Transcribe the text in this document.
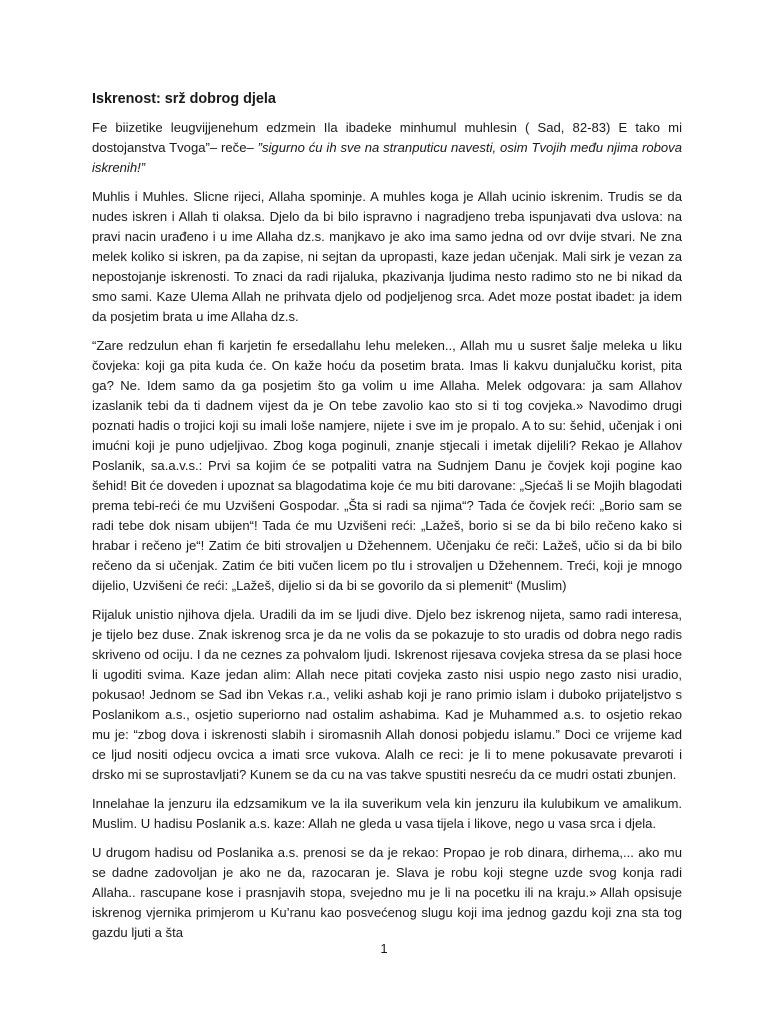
Iskrenost: srž dobrog djela

Fe biizetike leugvijjenehum edzmein Ila ibadeke minhumul muhlesin ( Sad, 82-83) E tako mi dostojanstva Tvoga”– reče– ”sigurno ću ih sve na stranputicu navesti, osim Tvojih među njima robova iskrenih!”

Muhlis i Muhles. Slicne rijeci, Allaha spominje. A muhles koga je Allah ucinio iskrenim. Trudis se da nudes iskren i Allah ti olaksa. Djelo da bi bilo ispravno i nagradjeno treba ispunjavati dva uslova: na pravi nacin urađeno i u ime Allaha dz.s. manjkavo je ako ima samo jedna od ovr dvije stvari. Ne zna melek koliko si iskren, pa da zapise, ni sejtan da upropasti, kaze jedan učenjak. Mali sirk je vezan za nepostojanje iskrenosti. To znaci da radi rijaluka, pkazivanja ljudima nesto radimo sto ne bi nikad da smo sami. Kaze Ulema Allah ne prihvata djelo od podjeljenog srca. Adet moze postat ibadet: ja idem da posjetim brata u ime Allaha dz.s.

“Zare redzulun ehan fi karjetin fe ersedallahu lehu meleken.., Allah mu u susret šalje meleka u liku čovjeka: koji ga pita kuda će. On kaže hoću da posetim brata. Imas li kakvu dunjalučku korist, pita ga? Ne. Idem samo da ga posjetim što ga volim u ime Allaha. Melek odgovara: ja sam Allahov izaslanik tebi da ti dadnem vijest da je On tebe zavolio kao sto si ti tog covjeka.» Navodimo drugi poznati hadis o trojici koji su imali loše namjere, nijete i sve im je propalo. A to su: šehid, učenjak i oni imućni koji je puno udjeljivao. Zbog koga poginuli, znanje stjecali i imetak dijelili? Rekao je Allahov Poslanik, sa.a.v.s.: Prvi sa kojim će se potpaliti vatra na Sudnjem Danu je čovjek koji pogine kao šehid! Bit će doveden i upoznat sa blagodatima koje će mu biti darovane: „Sjećaš li se Mojih blagodati prema tebi-reći će mu Uzvišeni Gospodar. „Šta si radi sa njima“? Tada će čovjek reći: „Borio sam se radi tebe dok nisam ubijen“! Tada će mu Uzvišeni reći: „Lažeš, borio si se da bi bilo rečeno kako si hrabar i rečeno je“! Zatim će biti strovaljen u Džehennem. Učenjaku će reči: Lažeš, učio si da bi bilo rečeno da si učenjak. Zatim će biti vučen licem po tlu i strovaljen u Džehennem. Treći, koji je mnogo dijelio, Uzvišeni će reći: „Lažeš, dijelio si da bi se govorilo da si plemenit“ (Muslim)

Rijaluk unistio njihova djela. Uradili da im se ljudi dive. Djelo bez iskrenog nijeta, samo radi interesa, je tijelo bez duse. Znak iskrenog srca je da ne volis da se pokazuje to sto uradis od dobra nego radis skriveno od ociju. I da ne ceznes za pohvalom ljudi. Iskrenost rijesava covjeka stresa da se plasi hoce li ugoditi svima. Kaze jedan alim: Allah nece pitati covjeka zasto nisi uspio nego zasto nisi uradio, pokusao! Jednom se Sad ibn Vekas r.a., veliki ashab koji je rano primio islam i duboko prijateljstvo s Poslanikom a.s., osjetio superiorno nad ostalim ashabima. Kad je Muhammed a.s. to osjetio rekao mu je: “zbog dova i iskrenosti slabih i siromasnih Allah donosi pobjedu islamu.” Doci ce vrijeme kad ce ljud nositi odjecu ovcica a imati srce vukova. Alalh ce reci: je li to mene pokusavate prevaroti i drsko mi se suprostavljati? Kunem se da cu na vas takve spustiti nesreću da ce mudri ostati zbunjen.

Innelahae la jenzuru ila edzsamikum ve la ila suverikum vela kin jenzuru ila kulubikum ve amalikum. Muslim. U hadisu Poslanik a.s. kaze: Allah ne gleda u vasa tijela i likove, nego u vasa srca i djela.

U drugom hadisu od Poslanika a.s. prenosi se da je rekao: Propao je rob dinara, dirhema,... ako mu se dadne zadovoljan je ako ne da, razocaran je. Slava je robu koji stegne uzde svog konja radi Allaha.. rascupane kose i prasnjavih stopa, svejedno mu je li na pocetku ili na kraju.» Allah opsisuje iskrenog vjernika primjerom u Ku’ranu kao posvećenog slugu koji ima jednog gazdu koji zna sta tog gazdu ljuti a šta

1
